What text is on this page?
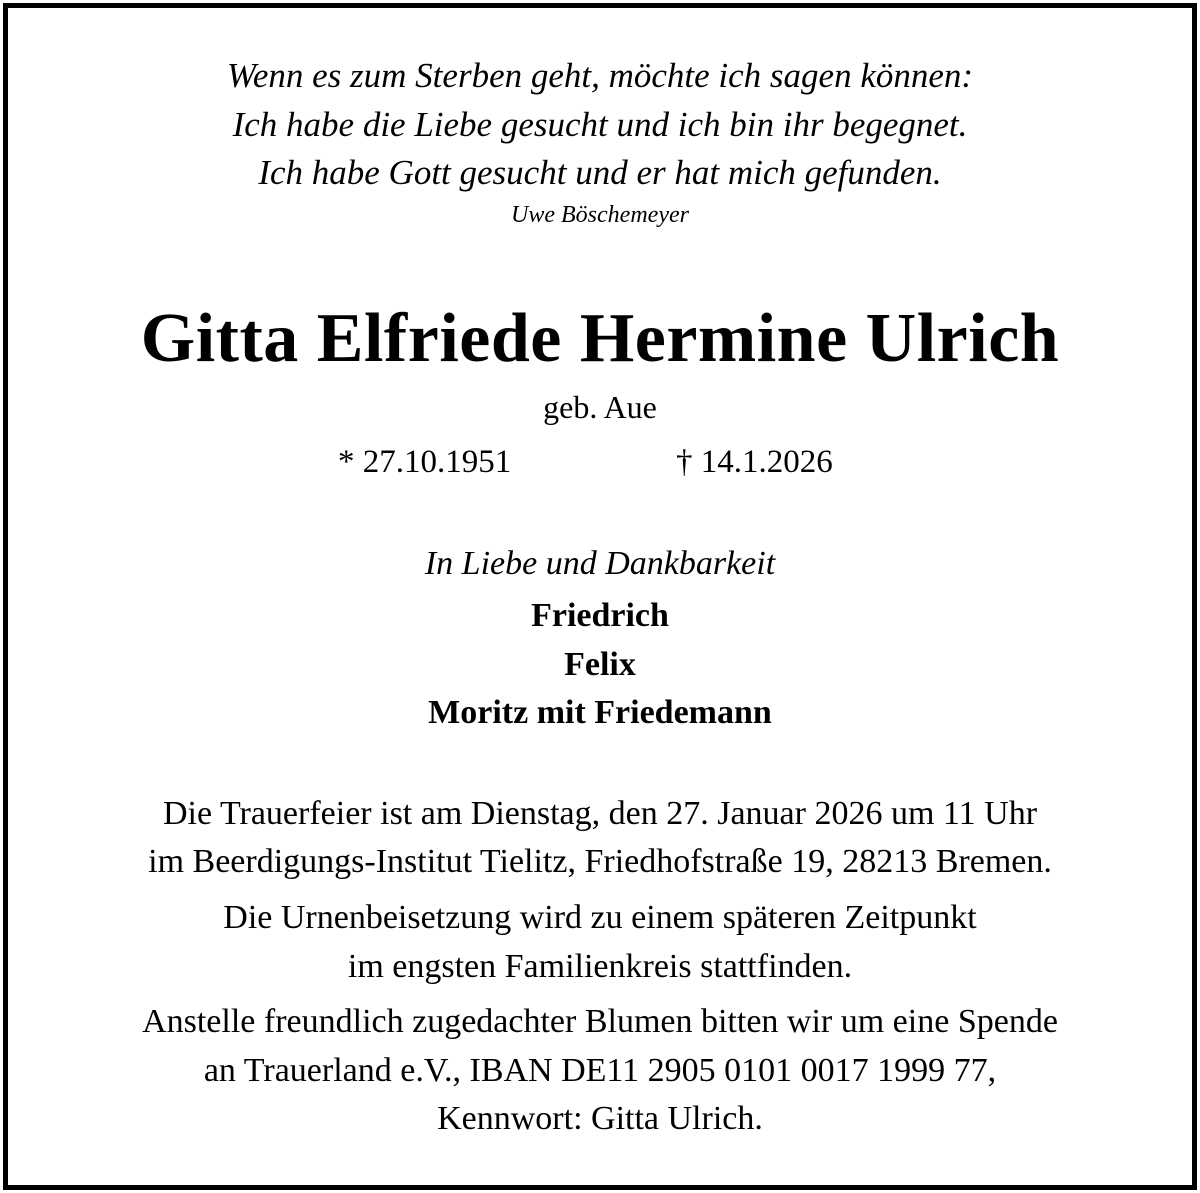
Wenn es zum Sterben geht, möchte ich sagen können:
Ich habe die Liebe gesucht und ich bin ihr begegnet.
Ich habe Gott gesucht und er hat mich gefunden.
Uwe Böschemeyer
Gitta Elfriede Hermine Ulrich
geb. Aue
* 27.10.1951	† 14.1.2026
In Liebe und Dankbarkeit
Friedrich
Felix
Moritz mit Friedemann
Die Trauerfeier ist am Dienstag, den 27. Januar 2026 um 11 Uhr
im Beerdigungs-Institut Tielitz, Friedhofstraße 19, 28213 Bremen.
Die Urnenbeisetzung wird zu einem späteren Zeitpunkt
im engsten Familienkreis stattfinden.
Anstelle freundlich zugedachter Blumen bitten wir um eine Spende
an Trauerland e.V., IBAN DE11 2905 0101 0017 1999 77,
Kennwort: Gitta Ulrich.
